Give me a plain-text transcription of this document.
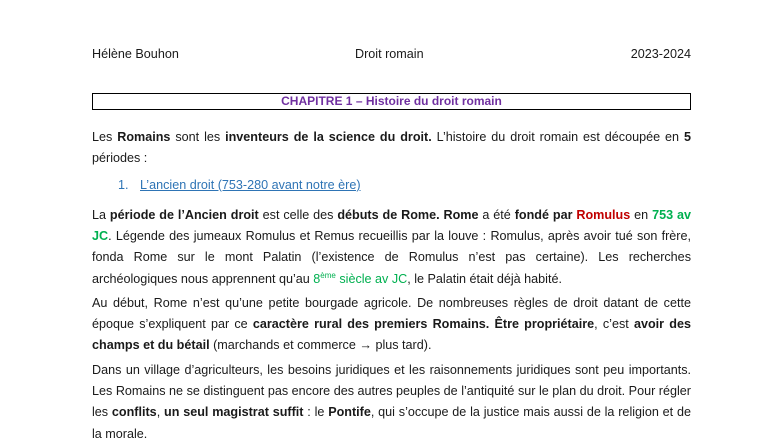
Hélène Bouhon	Droit romain	2023-2024
CHAPITRE 1 – Histoire du droit romain

Les Romains sont les inventeurs de la science du droit. L’histoire du droit romain est découpée en 5 périodes :

1. L’ancien droit (753-280 avant notre ère)

La période de l’Ancien droit est celle des débuts de Rome. Rome a été fondé par Romulus en 753 av JC. Légende des jumeaux Romulus et Remus recueillis par la louve : Romulus, après avoir tué son frère, fonda Rome sur le mont Palatin (l’existence de Romulus n’est pas certaine). Les recherches archéologiques nous apprennent qu’au 8ème siècle av JC, le Palatin était déjà habité.

Au début, Rome n’est qu’une petite bourgade agricole. De nombreuses règles de droit datant de cette époque s’expliquent par ce caractère rural des premiers Romains. Être propriétaire, c’est avoir des champs et du bétail (marchands et commerce → plus tard).

Dans un village d’agriculteurs, les besoins juridiques et les raisonnements juridiques sont peu importants. Les Romains ne se distinguent pas encore des autres peuples de l’antiquité sur le plan du droit. Pour régler les conflits, un seul magistrat suffit : le Pontife, qui s’occupe de la justice mais aussi de la religion et de la morale.
